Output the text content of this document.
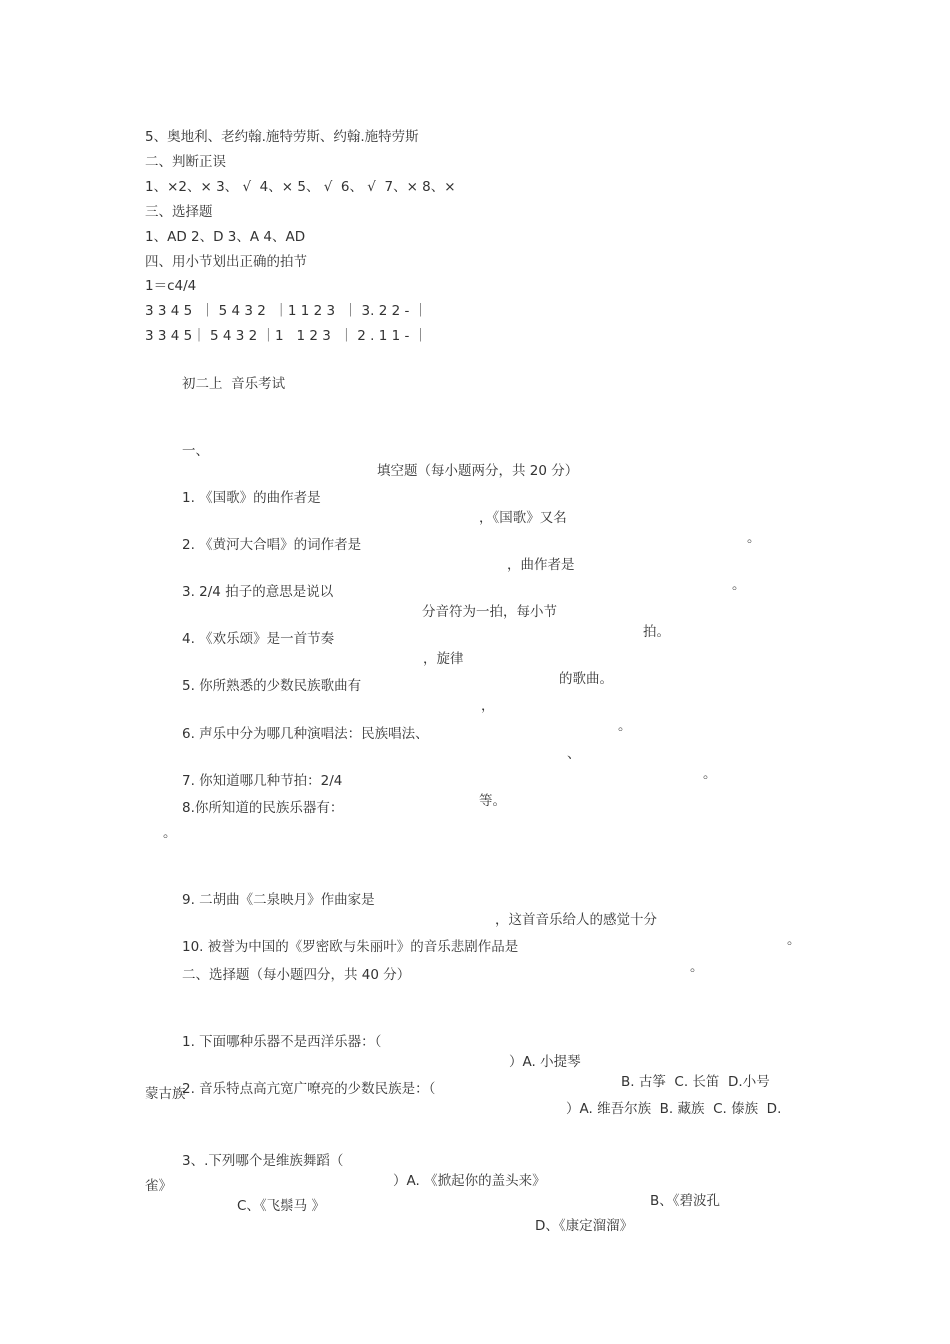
5、奥地利、老约翰.施特劳斯、约翰.施特劳斯
二、判断正误
1、×2、× 3、 √  4、× 5、 √  6、 √  7、× 8、×
三、选择题
1、AD 2、D 3、A 4、AD
四、用小节划出正确的拍节
1＝c4/4
3 3 4 5  ｜ 5 4 3 2  ｜1 1 2 3  ｜ 3. 2 2 - ｜
3 3 4 5｜ 5 4 3 2 ｜1   1 2 3  ｜ 2 . 1 1 - ｜
初二上  音乐考试

一、

填空题（每小题两分，共 20 分）

1. 《国歌》的曲作者是

，《国歌》又名

。

2. 《黄河大合唱》的词作者是

，曲作者是

。

3. 2/4 拍子的意思是说以

分音符为一拍，每小节

拍。

4. 《欢乐颂》是一首节奏

，旋律

的歌曲。

5. 你所熟悉的少数民族歌曲有

，

。

6. 声乐中分为哪几种演唱法：民族唱法、

、

。

7. 你知道哪几种节拍：2/4

等。

8.你所知道的民族乐器有：
。

9. 二胡曲《二泉映月》作曲家是

，这首音乐给人的感觉十分

。

10. 被誉为中国的《罗密欧与朱丽叶》的音乐悲剧作品是

。

二、选择题（每小题四分，共 40 分）

1. 下面哪种乐器不是西洋乐器：（

）A. 小提琴

B. 古筝  C. 长笛  D.小号

2. 音乐特点高亢宽广嘹亮的少数民族是：（

）A. 维吾尔族  B. 藏族  C. 傣族  D.

蒙古族

3、.下列哪个是维族舞蹈（

）A. 《掀起你的盖头来》

B、《碧波孔

雀》

C、《飞鬃马 》

D、《康定溜溜》
